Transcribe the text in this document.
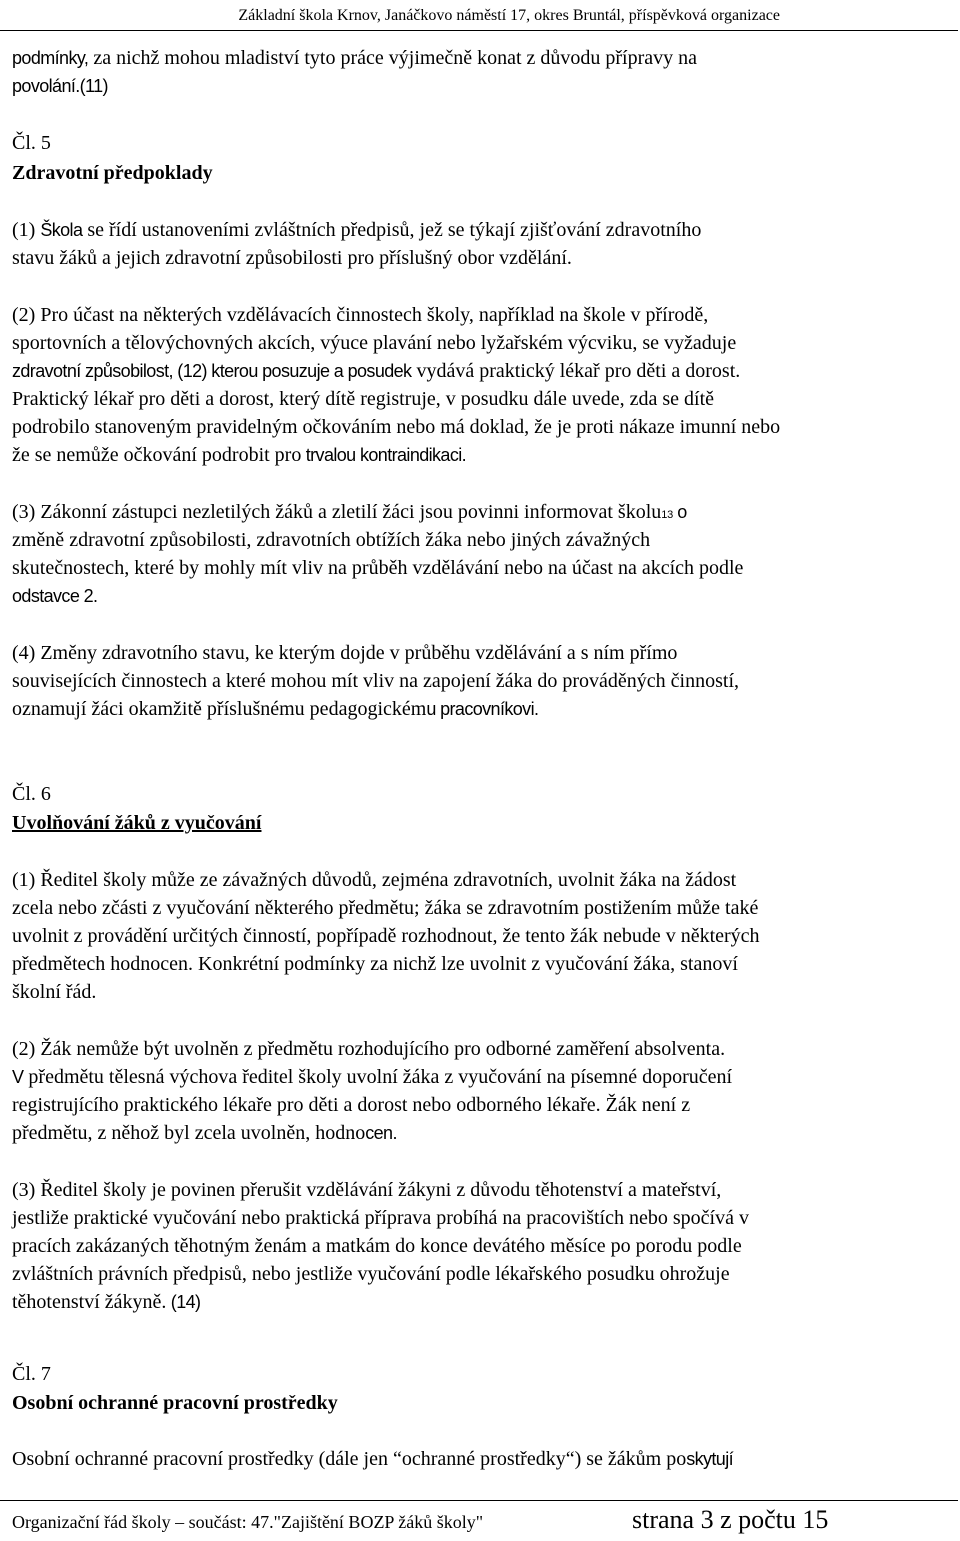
Základní škola Krnov, Janáčkovo náměstí 17, okres Bruntál, příspěvková organizace
podmínky, za nichž mohou mladiství tyto práce výjimečně konat z důvodu přípravy na
povolání.(11)
Čl. 5
Zdravotní předpoklady
(1) Škola se řídí ustanoveními zvláštních předpisů, jež se týkají zjišťování zdravotního
stavu žáků a jejich zdravotní způsobilosti pro příslušný obor vzdělání.
(2) Pro účast na některých vzdělávacích činnostech školy, například na škole v přírodě,
sportovních a tělovýchovných akcích, výuce plavání nebo lyžařském výcviku, se vyžaduje
zdravotní způsobilost, (12) kterou posuzuje a posudek vydává praktický lékař pro děti a dorost.
Praktický lékař pro děti a dorost, který dítě registruje, v posudku dále uvede, zda se dítě
podrobilo stanoveným pravidelným očkováním nebo má doklad, že je proti nákaze imunní nebo
že se nemůže očkování podrobit pro trvalou kontraindikaci.
(3) Zákonní zástupci nezletilých žáků a zletilí žáci jsou povinni informovat školu13 o
změně zdravotní způsobilosti, zdravotních obtížích žáka nebo jiných závažných
skutečnostech, které by mohly mít vliv na průběh vzdělávání nebo na účast na akcích podle
odstavce 2.
(4) Změny zdravotního stavu, ke kterým dojde v průběhu vzdělávání a s ním přímo
souvisejících činnostech a které mohou mít vliv na zapojení žáka do prováděných činností,
oznamují žáci okamžitě příslušnému pedagogickému pracovníkovi.
Čl. 6
Uvolňování žáků z vyučování
(1) Ředitel školy může ze závažných důvodů, zejména zdravotních, uvolnit žáka na žádost
zcela nebo zčásti z vyučování některého předmětu; žáka se zdravotním postižením může také
uvolnit z provádění určitých činností, popřípadě rozhodnout, že tento žák nebude v některých
předmětech hodnocen. Konkrétní podmínky za nichž lze uvolnit z vyučování žáka, stanoví
školní řád.
(2) Žák nemůže být uvolněn z předmětu rozhodujícího pro odborné zaměření absolventa.
V předmětu tělesná výchova ředitel školy uvolní žáka z vyučování na písemné doporučení
registrujícího praktického lékaře pro děti a dorost nebo odborného lékaře. Žák není z
předmětu, z něhož byl zcela uvolněn, hodnocen.
(3) Ředitel školy je povinen přerušit vzdělávání žákyni z důvodu těhotenství a mateřství,
jestliže praktické vyučování nebo praktická příprava probíhá na pracovištích nebo spočívá v
pracích zakázaných těhotným ženám a matkám do konce devátého měsíce po porodu podle
zvláštních právních předpisů, nebo jestliže vyučování podle lékařského posudku ohrožuje
těhotenství žákyně. (14)
Čl. 7
Osobní ochranné pracovní prostředky
Osobní ochranné pracovní prostředky (dále jen “ochranné prostředky“) se žákům poskytují
Organizační řád školy – součást: 47."Zajištění BOZP žáků školy"	strana 3 z počtu 15
